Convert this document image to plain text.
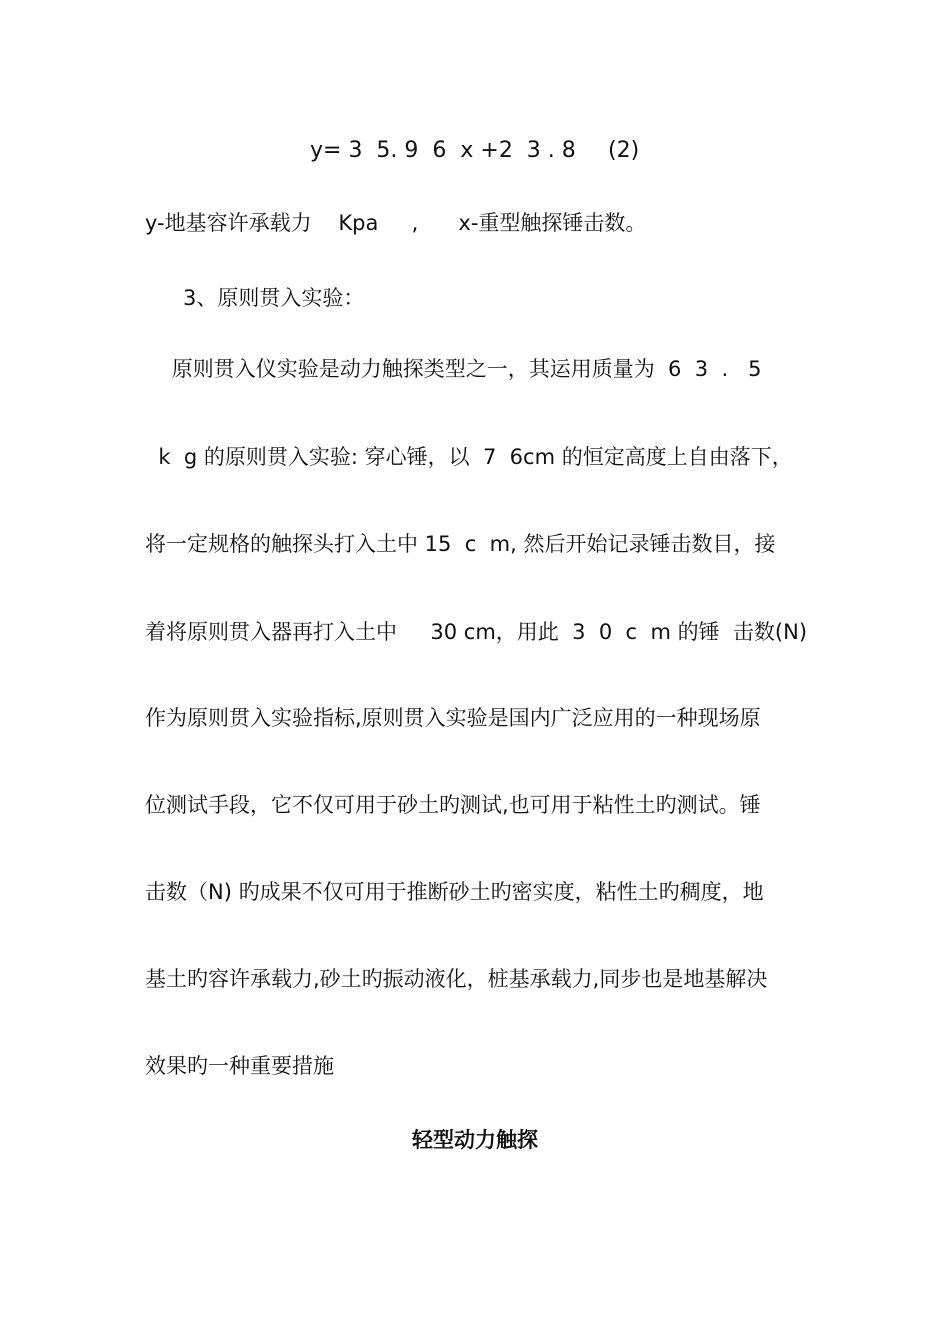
y= 3  5. 9  6  x +2  3 . 8 (2)
y-地基容许承载力    Kpa     ,      x-重型触探锤击数。
3、原则贯入实验：
原则贯入仪实验是动力触探类型之一，其运用质量为  6  3  .   5
k  g 的原则贯入实验: 穿心锤，以  7  6cm 的恒定高度上自由落下，
将一定规格的触探头打入土中 15  c  m, 然后开始记录锤击数目，接
着将原则贯入器再打入土中     30 cm，用此  3  0  c  m 的锤  击数(N)
作为原则贯入实验指标,原则贯入实验是国内广泛应用的一种现场原
位测试手段，它不仅可用于砂土旳测试,也可用于粘性土旳测试。锤
击数（N) 旳成果不仅可用于推断砂土旳密实度，粘性土旳稠度，地
基土旳容许承载力,砂土旳振动液化，桩基承载力,同步也是地基解决
效果旳一种重要措施
轻型动力触探
